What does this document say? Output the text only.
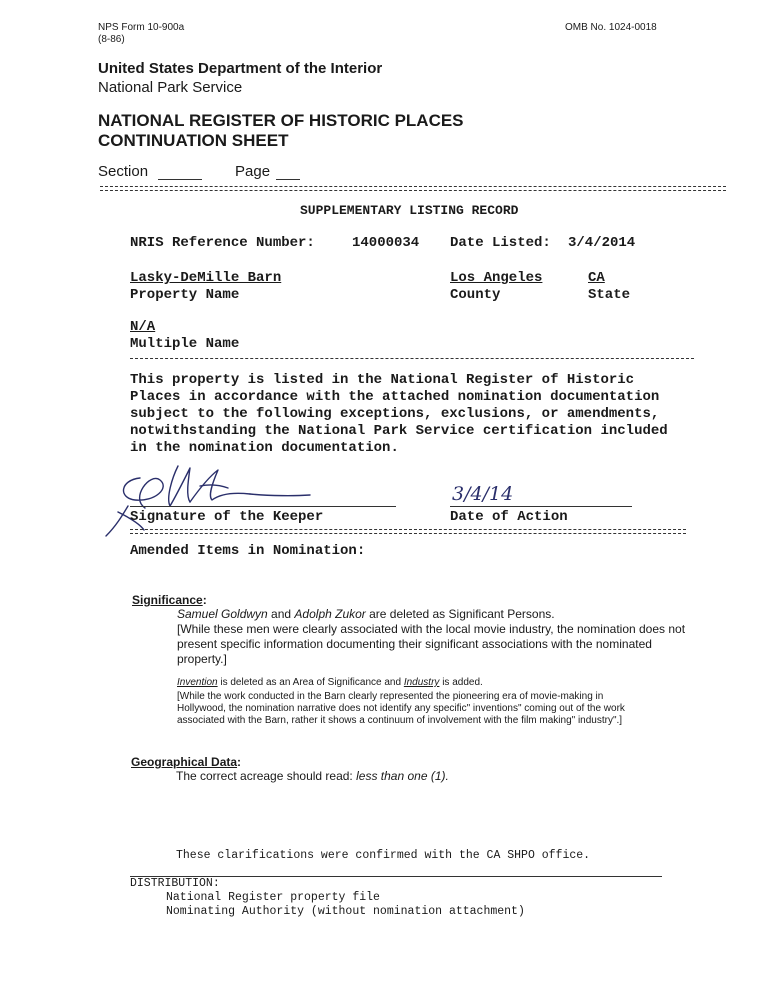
NPS Form 10-900a
(8-86)
OMB No. 1024-0018
United States Department of the Interior
National Park Service
NATIONAL REGISTER OF HISTORIC PLACES
CONTINUATION SHEET
Section	Page
SUPPLEMENTARY LISTING RECORD
NRIS Reference Number:	14000034 Date Listed: 3/4/2014
Lasky-DeMille Barn	Los Angeles	CA
Property Name	County	State
N/A
Multiple Name
This property is listed in the National Register of Historic
Places in accordance with the attached nomination documentation
subject to the following exceptions, exclusions, or amendments,
notwithstanding the National Park Service certification included
in the nomination documentation.
Signature of the Keeper
3/4/14
Date of Action
Amended Items in Nomination:
Significance:
Samuel Goldwyn and Adolph Zukor are deleted as Significant Persons.
[While these men were clearly associated with the local movie industry, the nomination does not
present specific information documenting their significant associations with the nominated
property.]
Invention is deleted as an Area of Significance and Industry is added.
[While the work conducted in the Barn clearly represented the pioneering era of movie-making in
Hollywood, the nomination narrative does not identify any specific" inventions" coming out of the work
associated with the Barn, rather it shows a continuum of involvement with the film making" industry".]
Geographical Data:
The correct acreage should read: less than one (1).
These clarifications were confirmed with the CA SHPO office.
DISTRIBUTION:
National Register property file
Nominating Authority (without nomination attachment)
